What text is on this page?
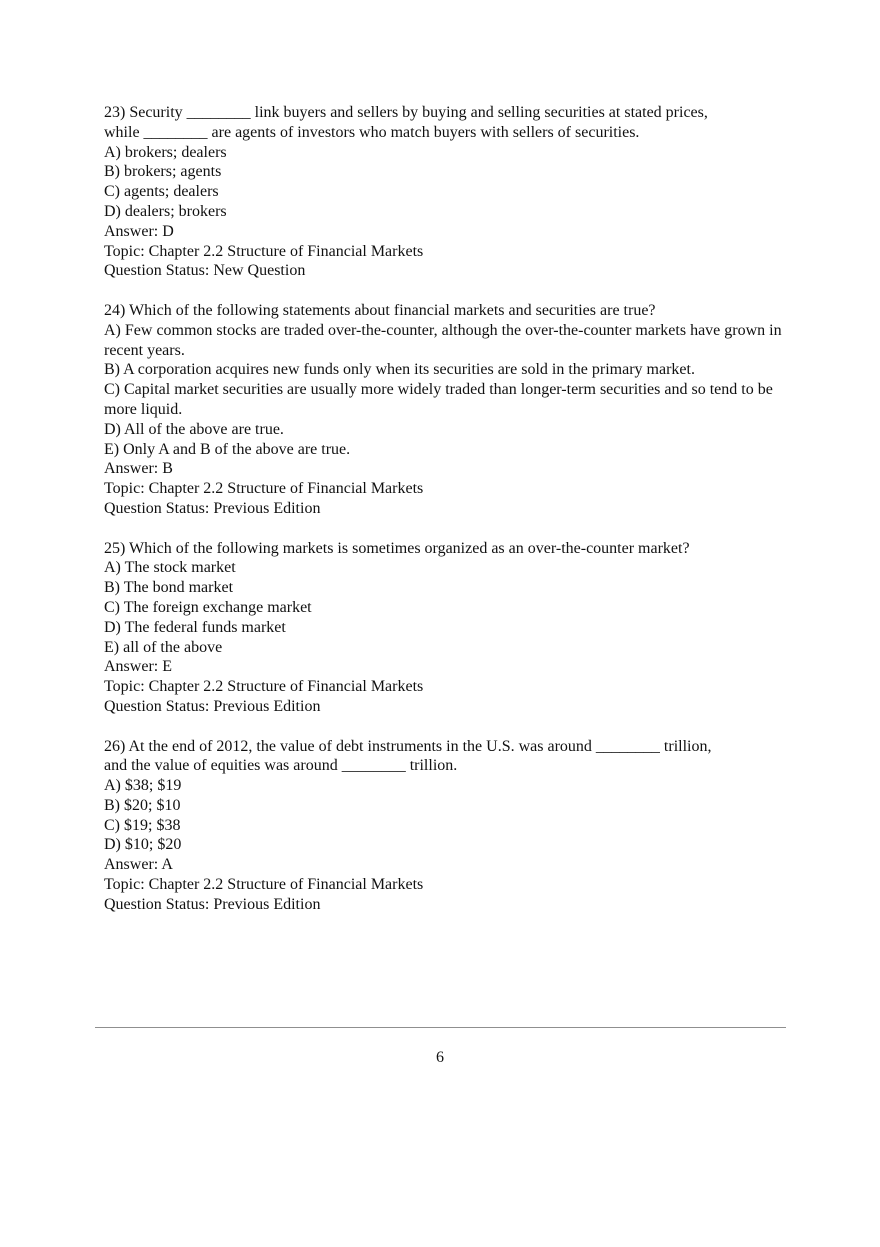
23) Security ________ link buyers and sellers by buying and selling securities at stated prices,
while ________ are agents of investors who match buyers with sellers of securities.
A) brokers; dealers
B) brokers; agents
C) agents; dealers
D) dealers; brokers
Answer: D
Topic: Chapter 2.2 Structure of Financial Markets
Question Status: New Question
24) Which of the following statements about financial markets and securities are true?
A) Few common stocks are traded over-the-counter, although the over-the-counter markets have grown in recent years.
B) A corporation acquires new funds only when its securities are sold in the primary market.
C) Capital market securities are usually more widely traded than longer-term securities and so tend to be more liquid.
D) All of the above are true.
E) Only A and B of the above are true.
Answer: B
Topic: Chapter 2.2 Structure of Financial Markets
Question Status: Previous Edition
25) Which of the following markets is sometimes organized as an over-the-counter market?
A) The stock market
B) The bond market
C) The foreign exchange market
D) The federal funds market
E) all of the above
Answer: E
Topic: Chapter 2.2 Structure of Financial Markets
Question Status: Previous Edition
26) At the end of 2012, the value of debt instruments in the U.S. was around ________ trillion,
and the value of equities was around ________ trillion.
A) $38; $19
B) $20; $10
C) $19; $38
D) $10; $20
Answer: A
Topic: Chapter 2.2 Structure of Financial Markets
Question Status: Previous Edition
6
